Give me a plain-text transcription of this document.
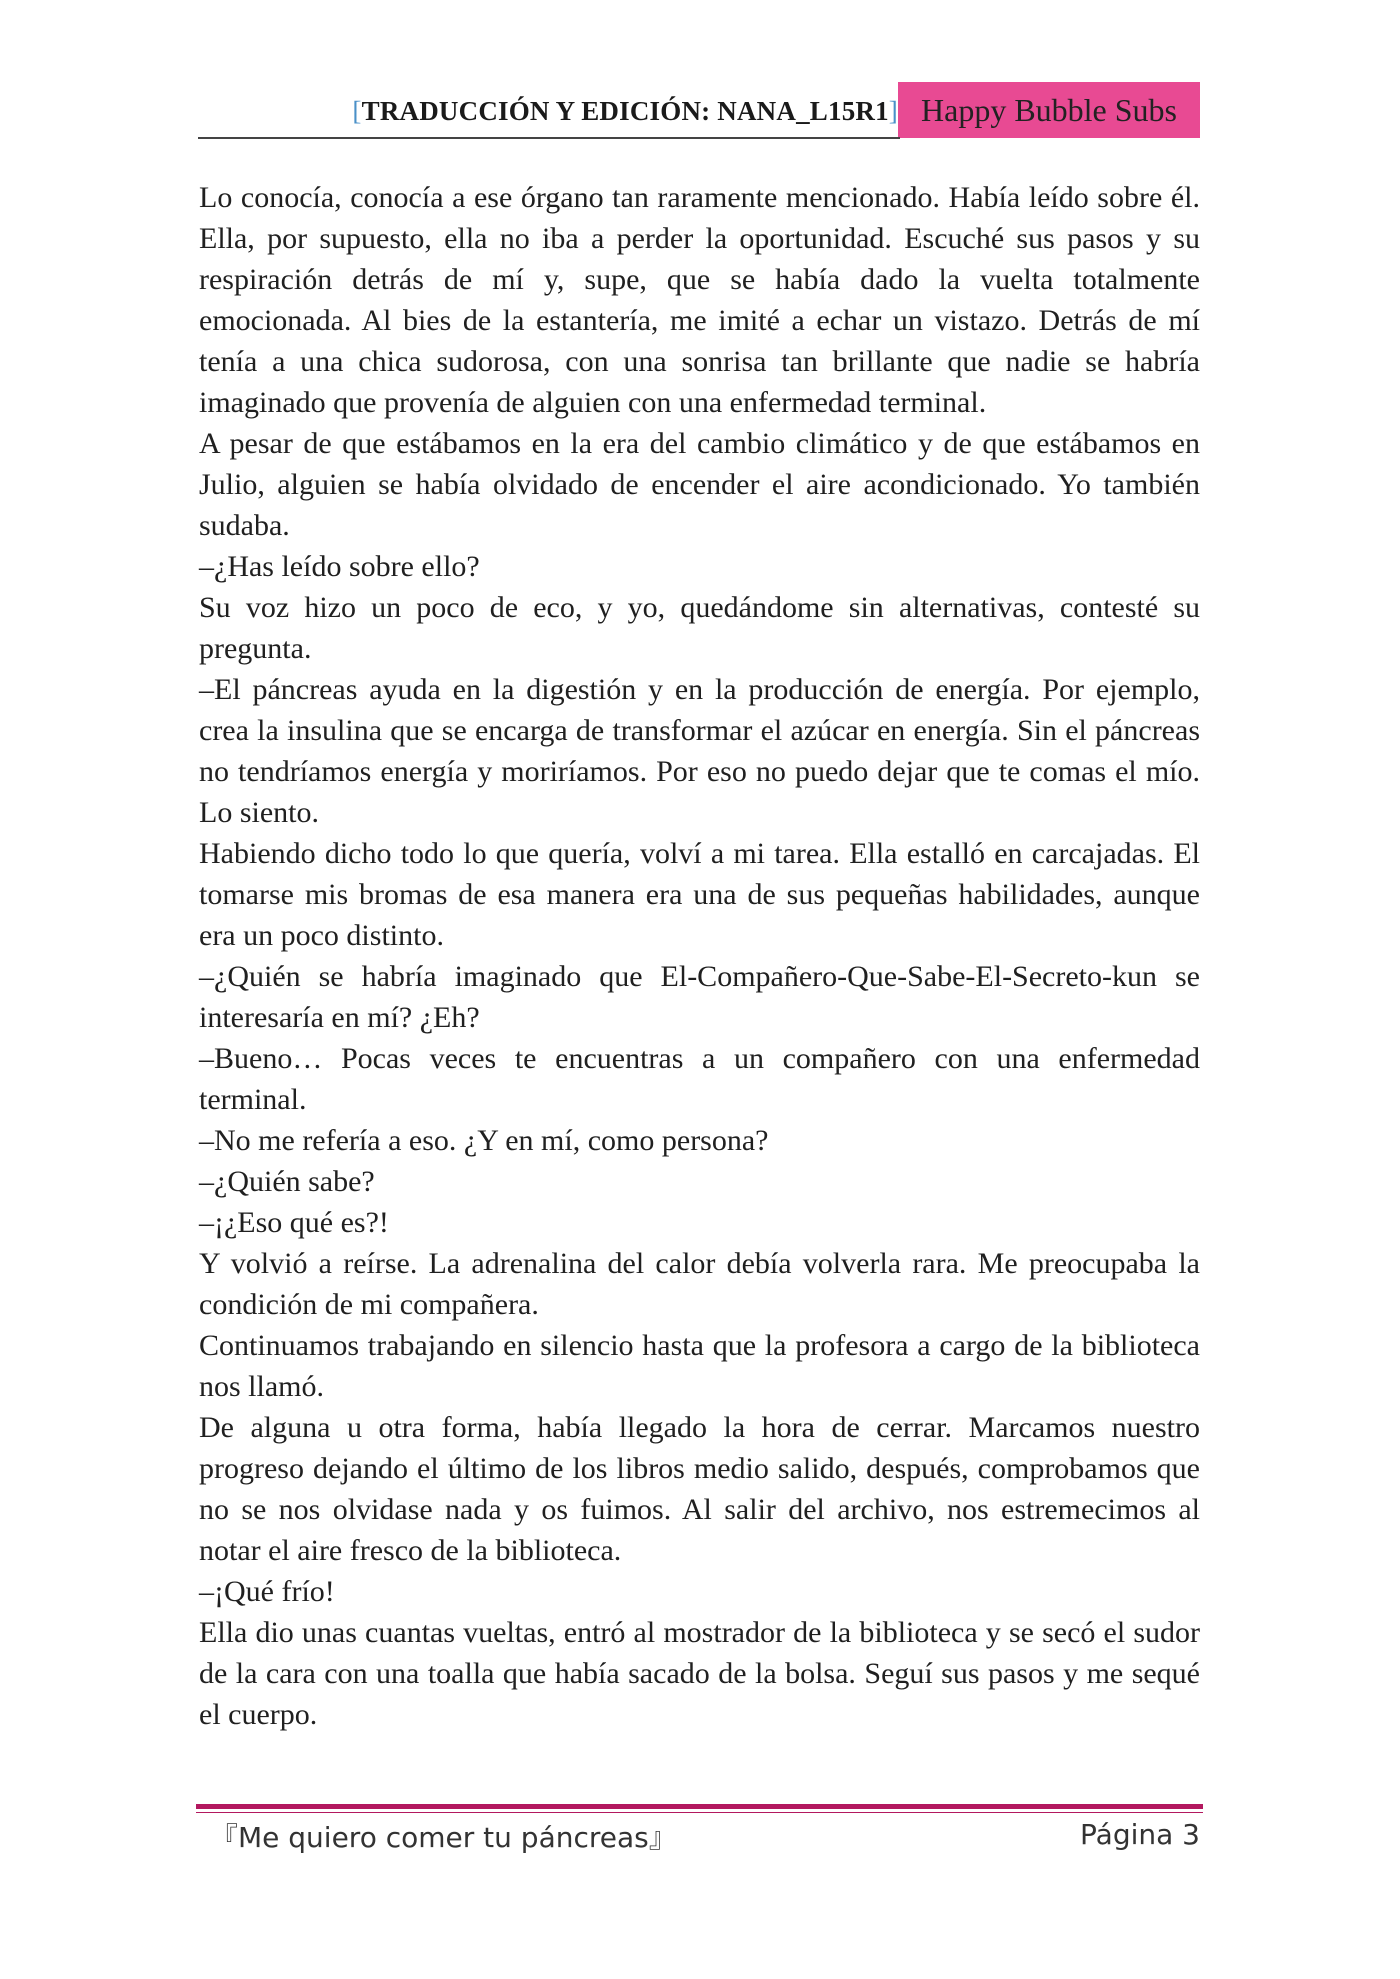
[TRADUCCIÓN Y EDICIÓN: NANA_L15R1] Happy Bubble Subs

Lo conocía, conocía a ese órgano tan raramente mencionado. Había leído sobre él. Ella, por supuesto, ella no iba a perder la oportunidad. Escuché sus pasos y su respiración detrás de mí y, supe, que se había dado la vuelta totalmente emocionada. Al bies de la estantería, me imité a echar un vistazo. Detrás de mí tenía a una chica sudorosa, con una sonrisa tan brillante que nadie se habría imaginado que provenía de alguien con una enfermedad terminal.

A pesar de que estábamos en la era del cambio climático y de que estábamos en Julio, alguien se había olvidado de encender el aire acondicionado. Yo también sudaba.

–¿Has leído sobre ello?

Su voz hizo un poco de eco, y yo, quedándome sin alternativas, contesté su pregunta.

–El páncreas ayuda en la digestión y en la producción de energía. Por ejemplo, crea la insulina que se encarga de transformar el azúcar en energía. Sin el páncreas no tendríamos energía y moriríamos. Por eso no puedo dejar que te comas el mío. Lo siento.

Habiendo dicho todo lo que quería, volví a mi tarea. Ella estalló en carcajadas. El tomarse mis bromas de esa manera era una de sus pequeñas habilidades, aunque era un poco distinto.

–¿Quién se habría imaginado que El-Compañero-Que-Sabe-El-Secreto-kun se interesaría en mí? ¿Eh?

–Bueno… Pocas veces te encuentras a un compañero con una enfermedad terminal.

–No me refería a eso. ¿Y en mí, como persona?

–¿Quién sabe?

–¡¿Eso qué es?!

Y volvió a reírse. La adrenalina del calor debía volverla rara. Me preocupaba la condición de mi compañera.

Continuamos trabajando en silencio hasta que la profesora a cargo de la biblioteca nos llamó.

De alguna u otra forma, había llegado la hora de cerrar. Marcamos nuestro progreso dejando el último de los libros medio salido, después, comprobamos que no se nos olvidase nada y os fuimos. Al salir del archivo, nos estremecimos al notar el aire fresco de la biblioteca.

–¡Qué frío!

Ella dio unas cuantas vueltas, entró al mostrador de la biblioteca y se secó el sudor de la cara con una toalla que había sacado de la bolsa. Seguí sus pasos y me sequé el cuerpo.

『Me quiero comer tu páncreas』	Página 3
